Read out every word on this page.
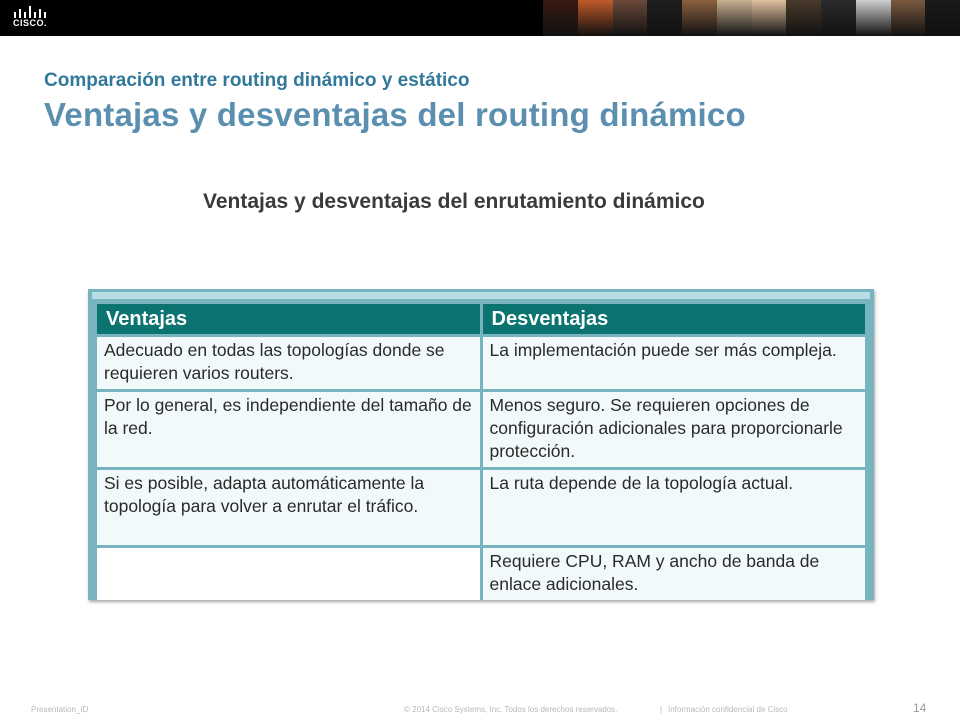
CISCO.
Comparación entre routing dinámico y estático
Ventajas y desventajas del routing dinámico
Ventajas y desventajas del enrutamiento dinámico
Ventajas	Desventajas
Adecuado en todas las topologías donde se requieren varios routers.	La implementación puede ser más compleja.
Por lo general, es independiente del tamaño de la red.	Menos seguro. Se requieren opciones de configuración adicionales para proporcionarle protección.
Si es posible, adapta automáticamente la topología para volver a enrutar el tráfico.	La ruta depende de la topología actual.
	Requiere CPU, RAM y ancho de banda de enlace adicionales.
Presentation_ID	© 2014 Cisco Systems, Inc. Todos los derechos reservados.	| Información confidencial de Cisco	14
